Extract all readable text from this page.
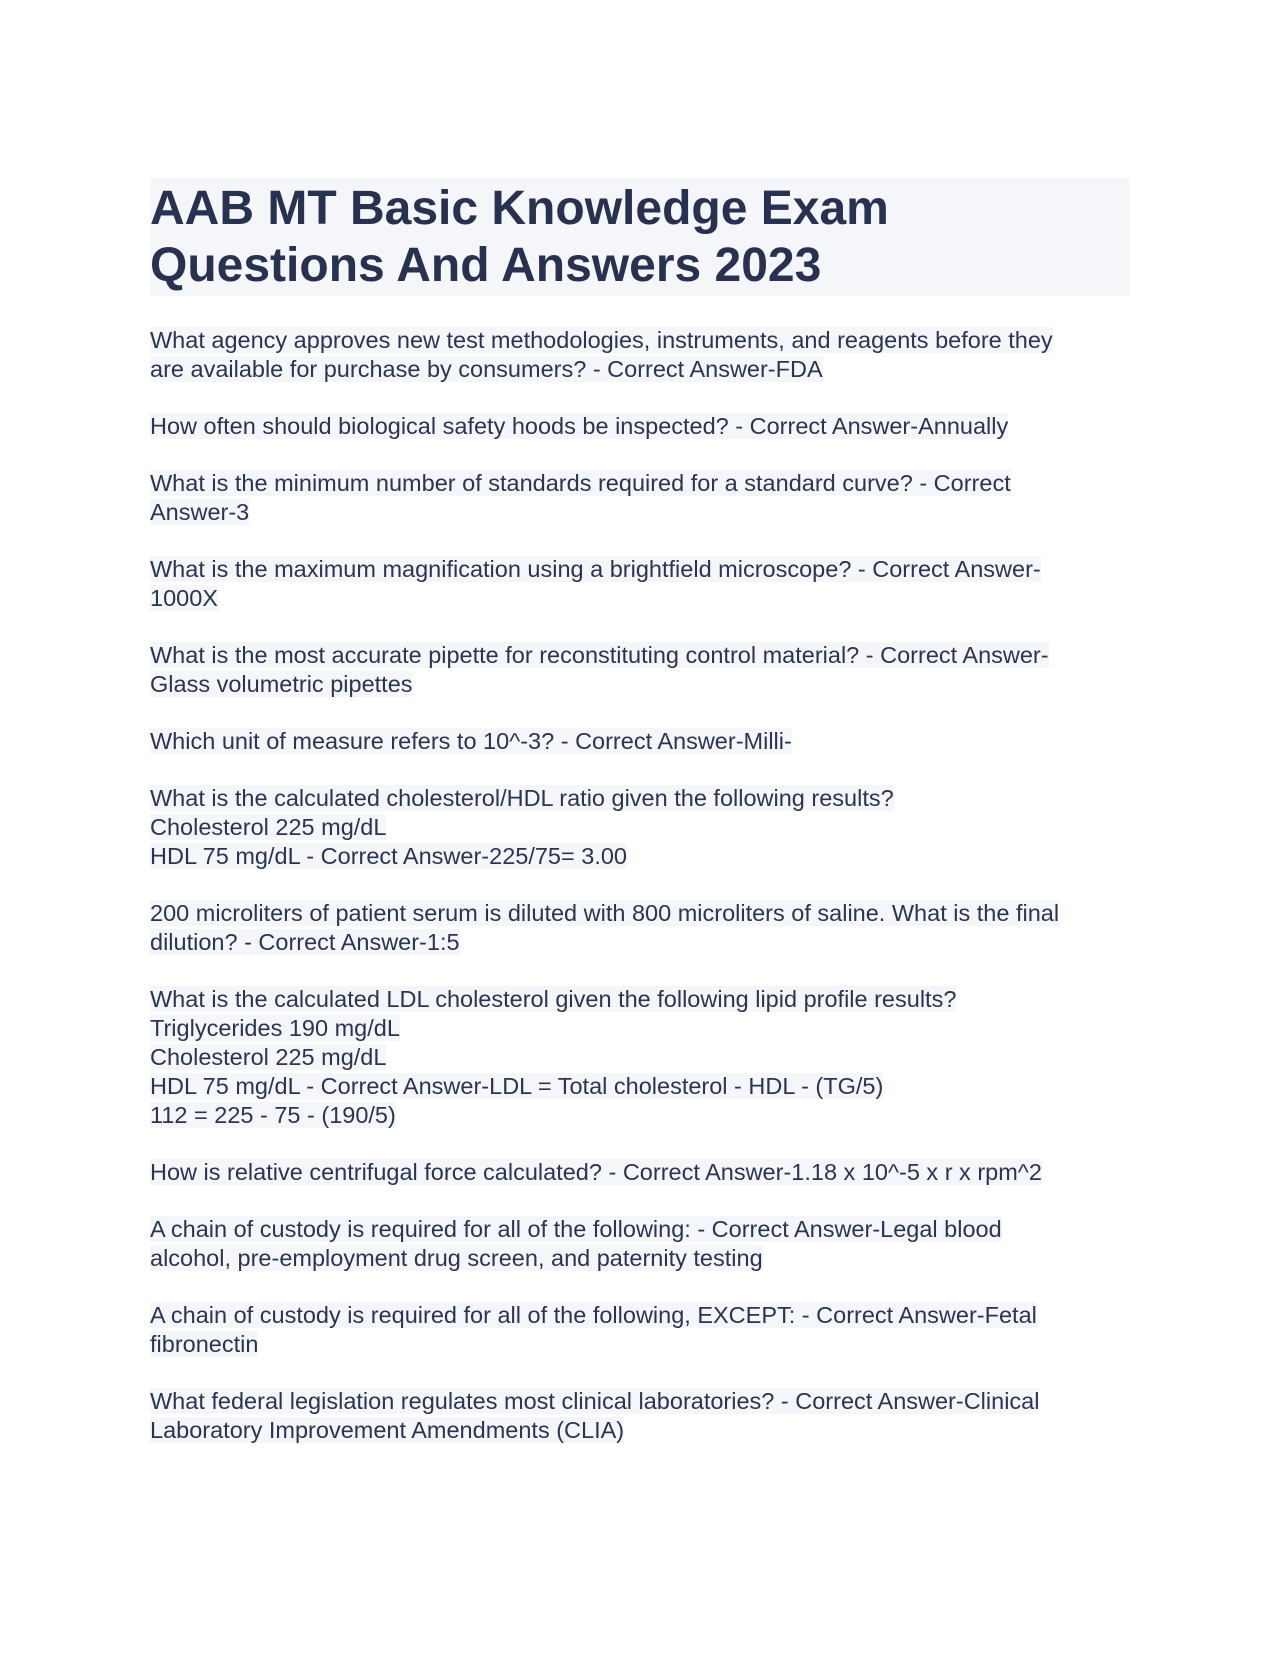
AAB MT Basic Knowledge Exam
Questions And Answers 2023

What agency approves new test methodologies, instruments, and reagents before they
are available for purchase by consumers? - Correct Answer-FDA

How often should biological safety hoods be inspected? - Correct Answer-Annually

What is the minimum number of standards required for a standard curve? - Correct
Answer-3

What is the maximum magnification using a brightfield microscope? - Correct Answer-
1000X

What is the most accurate pipette for reconstituting control material? - Correct Answer-
Glass volumetric pipettes

Which unit of measure refers to 10^-3? - Correct Answer-Milli-

What is the calculated cholesterol/HDL ratio given the following results?
Cholesterol 225 mg/dL
HDL 75 mg/dL - Correct Answer-225/75= 3.00

200 microliters of patient serum is diluted with 800 microliters of saline. What is the final
dilution? - Correct Answer-1:5

What is the calculated LDL cholesterol given the following lipid profile results?
Triglycerides 190 mg/dL
Cholesterol 225 mg/dL
HDL 75 mg/dL - Correct Answer-LDL = Total cholesterol - HDL - (TG/5)
112 = 225 - 75 - (190/5)

How is relative centrifugal force calculated? - Correct Answer-1.18 x 10^-5 x r x rpm^2

A chain of custody is required for all of the following: - Correct Answer-Legal blood
alcohol, pre-employment drug screen, and paternity testing

A chain of custody is required for all of the following, EXCEPT: - Correct Answer-Fetal
fibronectin

What federal legislation regulates most clinical laboratories? - Correct Answer-Clinical
Laboratory Improvement Amendments (CLIA)
